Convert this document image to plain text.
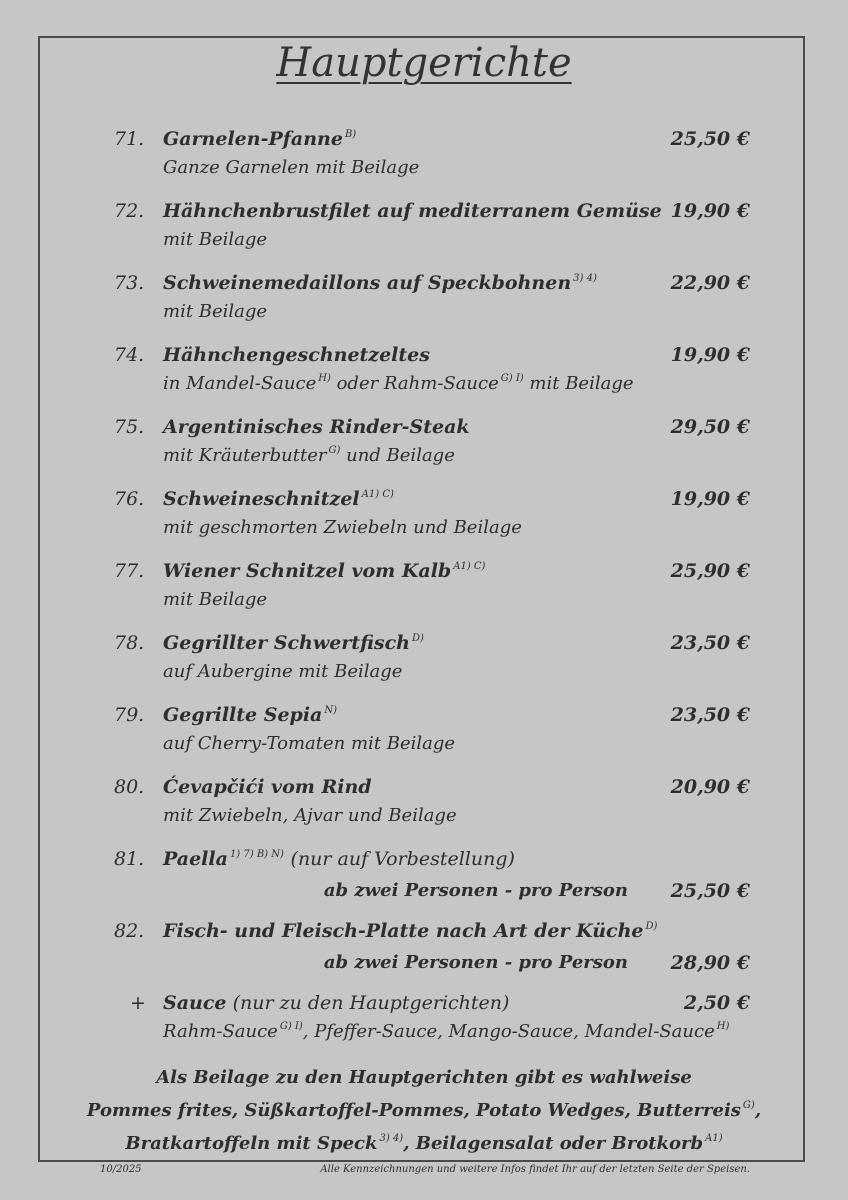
Hauptgerichte
71. Garnelen-Pfanne $^{B)}$
Ganze Garnelen mit Beilage
25,50 €
72. Hähnchenbrustfilet auf mediterranem Gemüse
mit Beilage
19,90 €
73. Schweinemedaillons auf Speckbohnen $^{3) 4)}$
mit Beilage
22,90 €
74. Hähnchengeschnetzeltes
in Mandel-Sauce $^{H)}$ oder Rahm-Sauce $^{G) I)}$ mit Beilage
19,90 €
75. Argentinisches Rinder-Steak
mit Kräuterbutter $^{G)}$ und Beilage
29,50 €
76. Schweineschnitzel $^{A1) C)}$
mit geschmorten Zwiebeln und Beilage
19,90 €
77. Wiener Schnitzel vom Kalb $^{A1) C)}$
mit Beilage
25,90 €
78. Gegrillter Schwertfisch $^{D)}$
auf Aubergine mit Beilage
23,50 €
79. Gegrillte Sepia $^{N)}$
auf Cherry-Tomaten mit Beilage
23,50 €
80. Ćevapčići vom Rind
mit Zwiebeln, Ajvar und Beilage
20,90 €
81. Paella $^{1) 7) B) N)}$ (nur auf Vorbestellung)
ab zwei Personen - pro Person 25,50 €
82. Fisch- und Fleisch-Platte nach Art der Küche $^{D)}$
ab zwei Personen - pro Person 28,90 €
+ Sauce (nur zu den Hauptgerichten)
Rahm-Sauce $^{G) I)}$, Pfeffer-Sauce, Mango-Sauce, Mandel-Sauce $^{H)}$
2,50 €
Als Beilage zu den Hauptgerichten gibt es wahlweise
Pommes frites, Süßkartoffel-Pommes, Potato Wedges, Butterreis $^{G)}$,
Bratkartoffeln mit Speck $^{3) 4)}$, Beilagensalat oder Brotkorb $^{A1)}$
10/2025	Alle Kennzeichnungen und weitere Infos findet Ihr auf der letzten Seite der Speisen.
